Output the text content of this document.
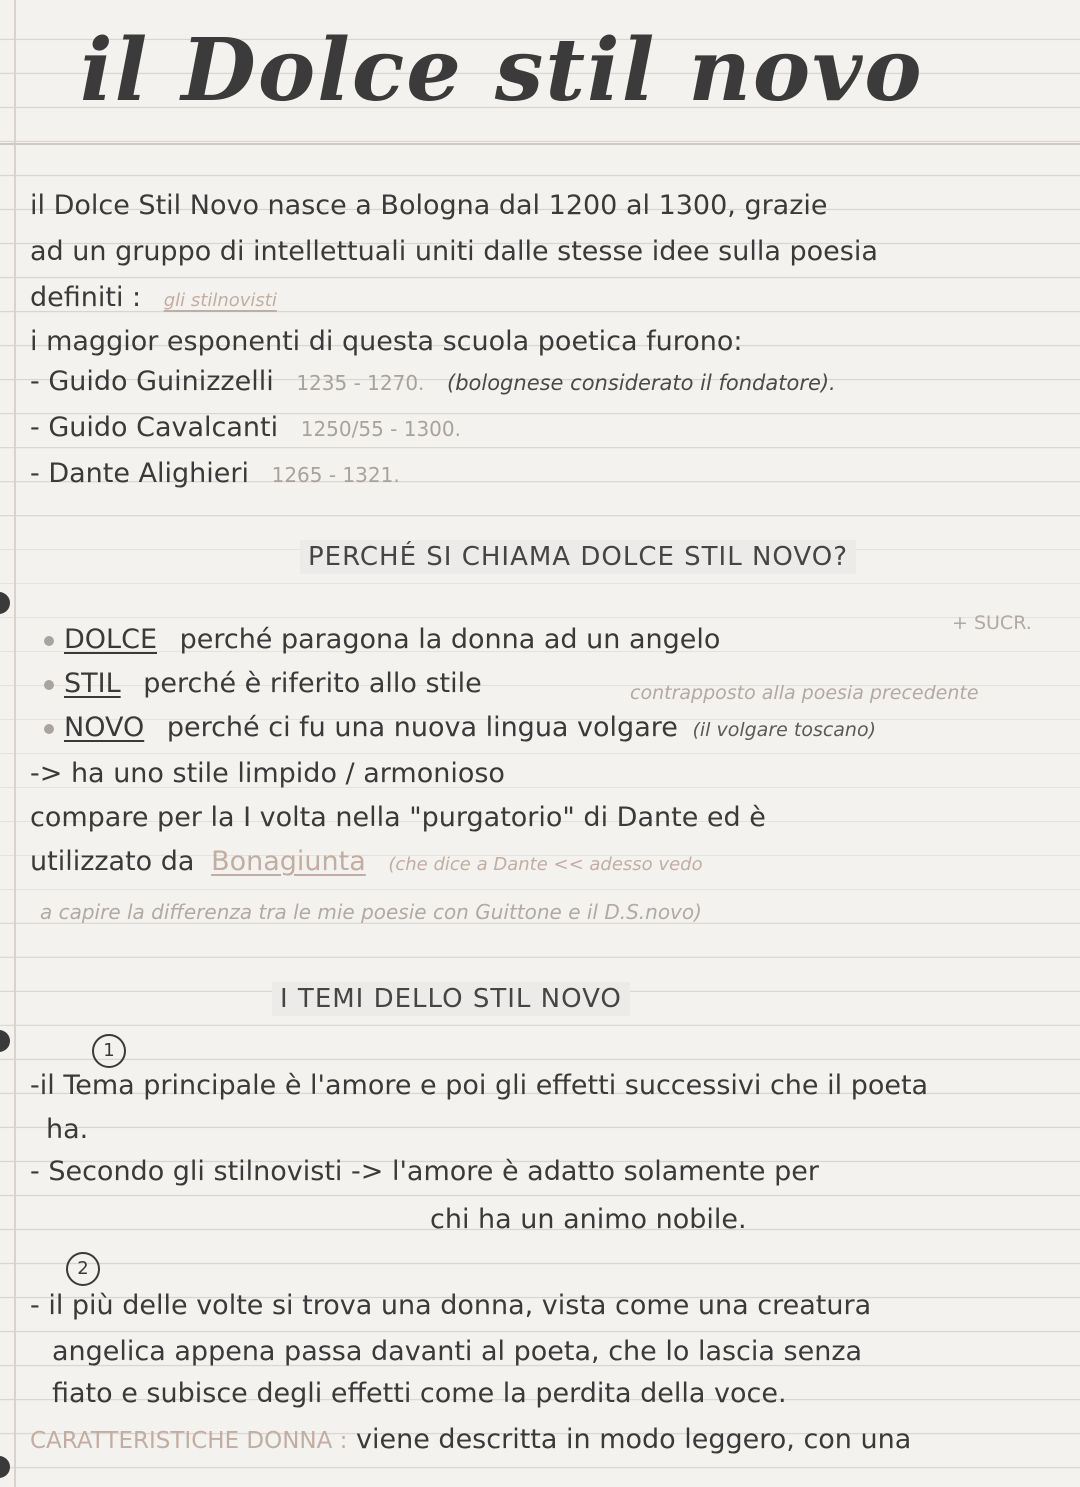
il Dolce stil novo
il Dolce Stil Novo nasce a Bologna dal 1200 al 1300, grazie
ad un gruppo di intellettuali uniti dalle stesse idee sulla poesia
definiti : gli stilnovisti
i maggior esponenti di questa scuola poetica furono:
- Guido Guinizzelli 1235 - 1270. (bolognese considerato il fondatore).
- Guido Cavalcanti 1250/55 - 1300.
- Dante Alighieri 1265 - 1321.
PERCHÉ SI CHIAMA DOLCE STIL NOVO?
+ SUCR.
DOLCE perché paragona la donna ad un angelo
STIL perché è riferito allo stile	contrapposto alla poesia precedente
NOVO perché ci fu una nuova lingua volgare (il volgare toscano)
-> ha uno stile limpido / armonioso
compare per la I volta nella "purgatorio" di Dante ed è
utilizzato da Bonagiunta (che dice a Dante << adesso vedo
a capire la differenza tra le mie poesie con Guittone e il D.S.novo)
I TEMI DELLO STIL NOVO
1
-il Tema principale è l'amore e poi gli effetti successivi che il poeta
ha.
- Secondo gli stilnovisti -> l'amore è adatto solamente per
chi ha un animo nobile.
2
- il più delle volte si trova una donna, vista come una creatura
angelica appena passa davanti al poeta, che lo lascia senza
fiato e subisce degli effetti come la perdita della voce.
CARATTERISTICHE DONNA : viene descritta in modo leggero, con una
